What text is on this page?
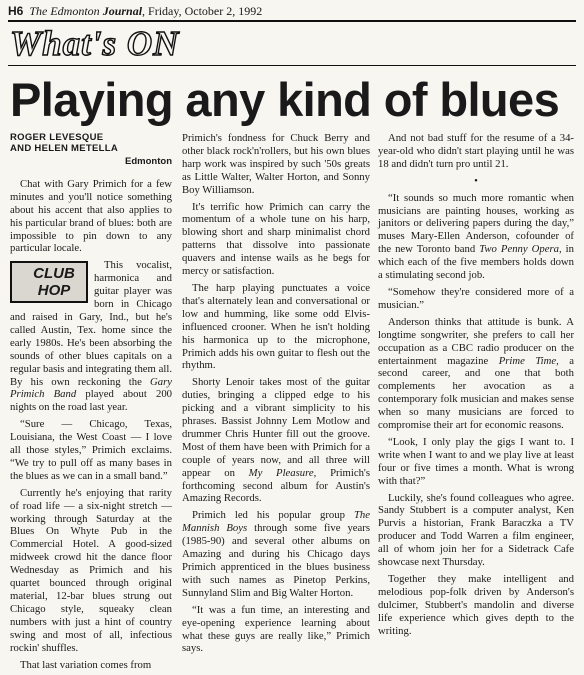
H6 The Edmonton Journal, Friday, October 2, 1992
What's ON
Playing any kind of blues
ROGER LEVESQUE
AND HELEN METELLA
Edmonton

Chat with Gary Primich for a few minutes and you'll notice something about his accent that also applies to his particular brand of blues: both are impossible to pin down to any particular locale.

CLUB
HOP
This vocalist, harmonica and guitar player was born in Chicago and raised in Gary, Ind., but he's called Austin, Tex. home since the early 1980s. He's been absorbing the sounds of other blues capitals on a regular basis and integrating them all. By his own reckoning the Gary Primich Band played about 200 nights on the road last year.

“Sure — Chicago, Texas, Louisiana, the West Coast — I love all those styles,” Primich exclaims. “We try to pull off as many bases in the blues as we can in a small band.”

Currently he's enjoying that rarity of road life — a six-night stretch — working through Saturday at the Blues On Whyte Pub in the Commercial Hotel. A good-sized midweek crowd hit the dance floor Wednesday as Primich and his quartet bounced through original material, 12-bar blues strung out Chicago style, squeaky clean numbers with just a hint of country swing and most of all, infectious rockin' shuffles.

That last variation comes from

Primich's fondness for Chuck Berry and other black rock'n'rollers, but his own blues harp work was inspired by such '50s greats as Little Walter, Walter Horton, and Sonny Boy Williamson.

It's terrific how Primich can carry the momentum of a whole tune on his harp, blowing short and sharp minimalist chord patterns that dissolve into passionate quavers and intense wails as he begs for mercy or satisfaction.

The harp playing punctuates a voice that's alternately lean and conversational or low and humming, like some odd Elvis-influenced crooner. When he isn't holding his harmonica up to the microphone, Primich adds his own guitar to flesh out the rhythm.

Shorty Lenoir takes most of the guitar duties, bringing a clipped edge to his picking and a vibrant simplicity to his phrases. Bassist Johnny Lem Motlow and drummer Chris Hunter fill out the groove. Most of them have been with Primich for a couple of years now, and all three will appear on My Pleasure, Primich's forthcoming second album for Austin's Amazing Records.

Primich led his popular group The Mannish Boys through some five years (1985-90) and several other albums on Amazing and during his Chicago days Primich apprenticed in the blues business with such names as Pinetop Perkins, Sunnyland Slim and Big Walter Horton.

“It was a fun time, an interesting and eye-opening experience learning about what these guys are really like,” Primich says.

And not bad stuff for the resume of a 34-year-old who didn't start playing until he was 18 and didn't turn pro until 21.

•

“It sounds so much more romantic when musicians are painting houses, working as janitors or delivering papers during the day,” muses Mary-Ellen Anderson, cofounder of the new Toronto band Two Penny Opera, in which each of the five members holds down a stimulating second job.

“Somehow they're considered more of a musician.”

Anderson thinks that attitude is bunk. A longtime songwriter, she prefers to call her occupation as a CBC radio producer on the entertainment magazine Prime Time, a second career, and one that both complements her avocation as a contemporary folk musician and makes sense when so many musicians are forced to compromise their art for economic reasons.

“Look, I only play the gigs I want to. I write when I want to and we play live at least four or five times a month. What is wrong with that?”

Luckily, she's found colleagues who agree. Sandy Stubbert is a computer analyst, Ken Purvis a historian, Frank Baraczka a TV producer and Todd Warren a film engineer, all of whom join her for a Sidetrack Cafe showcase next Thursday.

Together they make intelligent and melodious pop-folk driven by Anderson's dulcimer, Stubbert's mandolin and diverse life experience which gives depth to the writing.
